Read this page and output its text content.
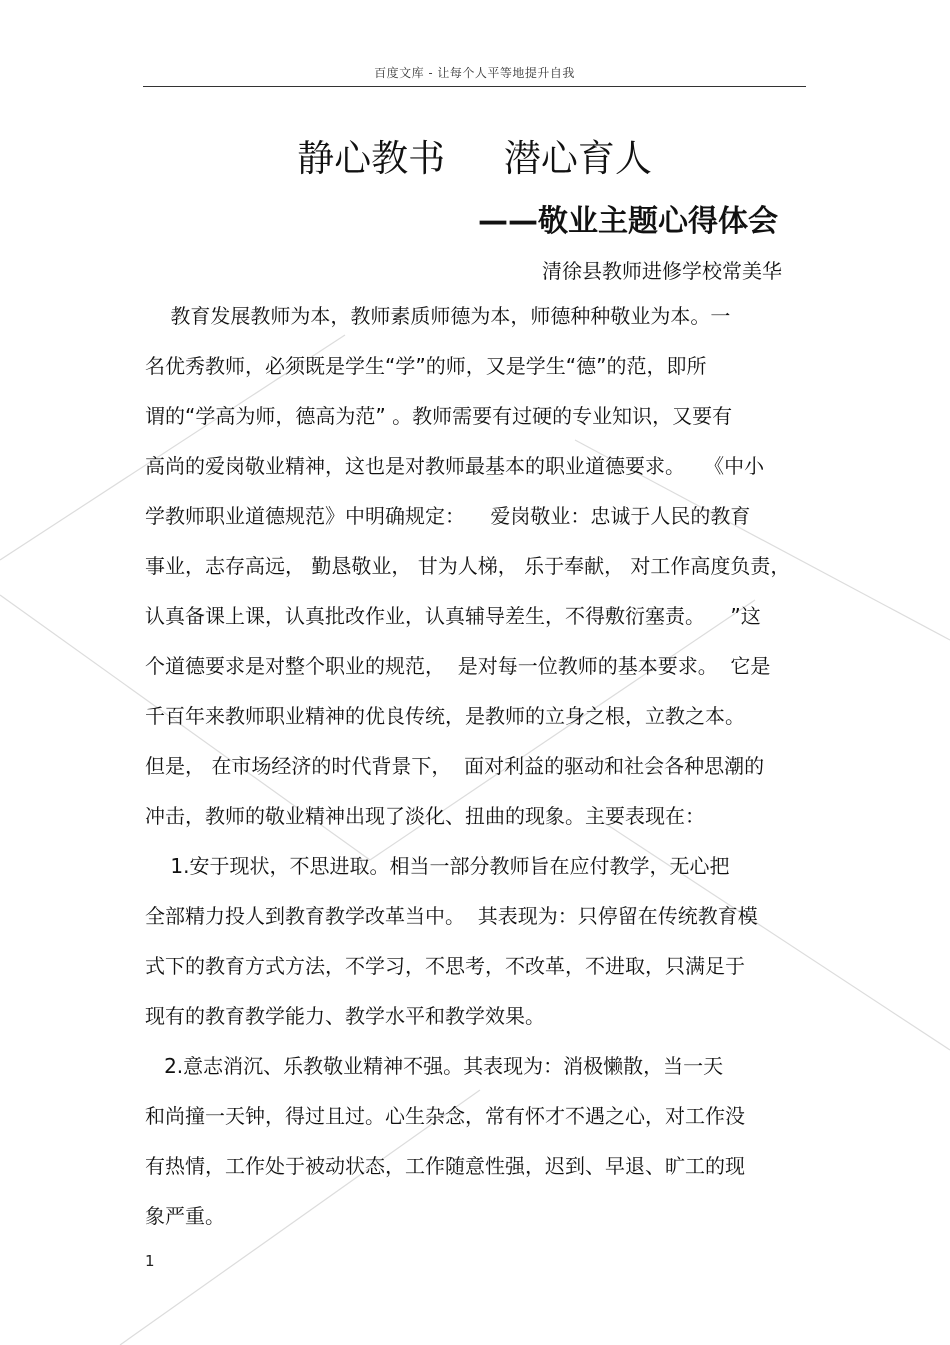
百度文库 - 让每个人平等地提升自我
静心教书     潜心育人
——敬业主题心得体会
清徐县教师进修学校常美华
教育发展教师为本，教师素质师德为本，师德种种敬业为本。一
名优秀教师，必须既是学生“学”的师，又是学生“德”的范，即所
谓的“学高为师，德高为范” 。教师需要有过硬的专业知识，又要有
高尚的爱岗敬业精神，这也是对教师最基本的职业道德要求。   《中小
学教师职业道德规范》中明确规定：    爱岗敬业：忠诚于人民的教育
事业，志存高远， 勤恳敬业， 甘为人梯， 乐于奉献， 对工作高度负责，
认真备课上课，认真批改作业，认真辅导差生，不得敷衍塞责。    ”这
个道德要求是对整个职业的规范，  是对每一位教师的基本要求。  它是
千百年来教师职业精神的优良传统，是教师的立身之根，立教之本。
但是， 在市场经济的时代背景下，  面对利益的驱动和社会各种思潮的
冲击，教师的敬业精神出现了淡化、扭曲的现象。主要表现在：
1.安于现状，不思进取。相当一部分教师旨在应付教学，无心把
全部精力投人到教育教学改革当中。  其表现为：只停留在传统教育模
式下的教育方式方法，不学习，不思考，不改革，不进取，只满足于
现有的教育教学能力、教学水平和教学效果。
2.意志消沉、乐教敬业精神不强。其表现为：消极懒散，当一天
和尚撞一天钟，得过且过。心生杂念，常有怀才不遇之心，对工作没
有热情，工作处于被动状态，工作随意性强，迟到、早退、旷工的现
象严重。
1
